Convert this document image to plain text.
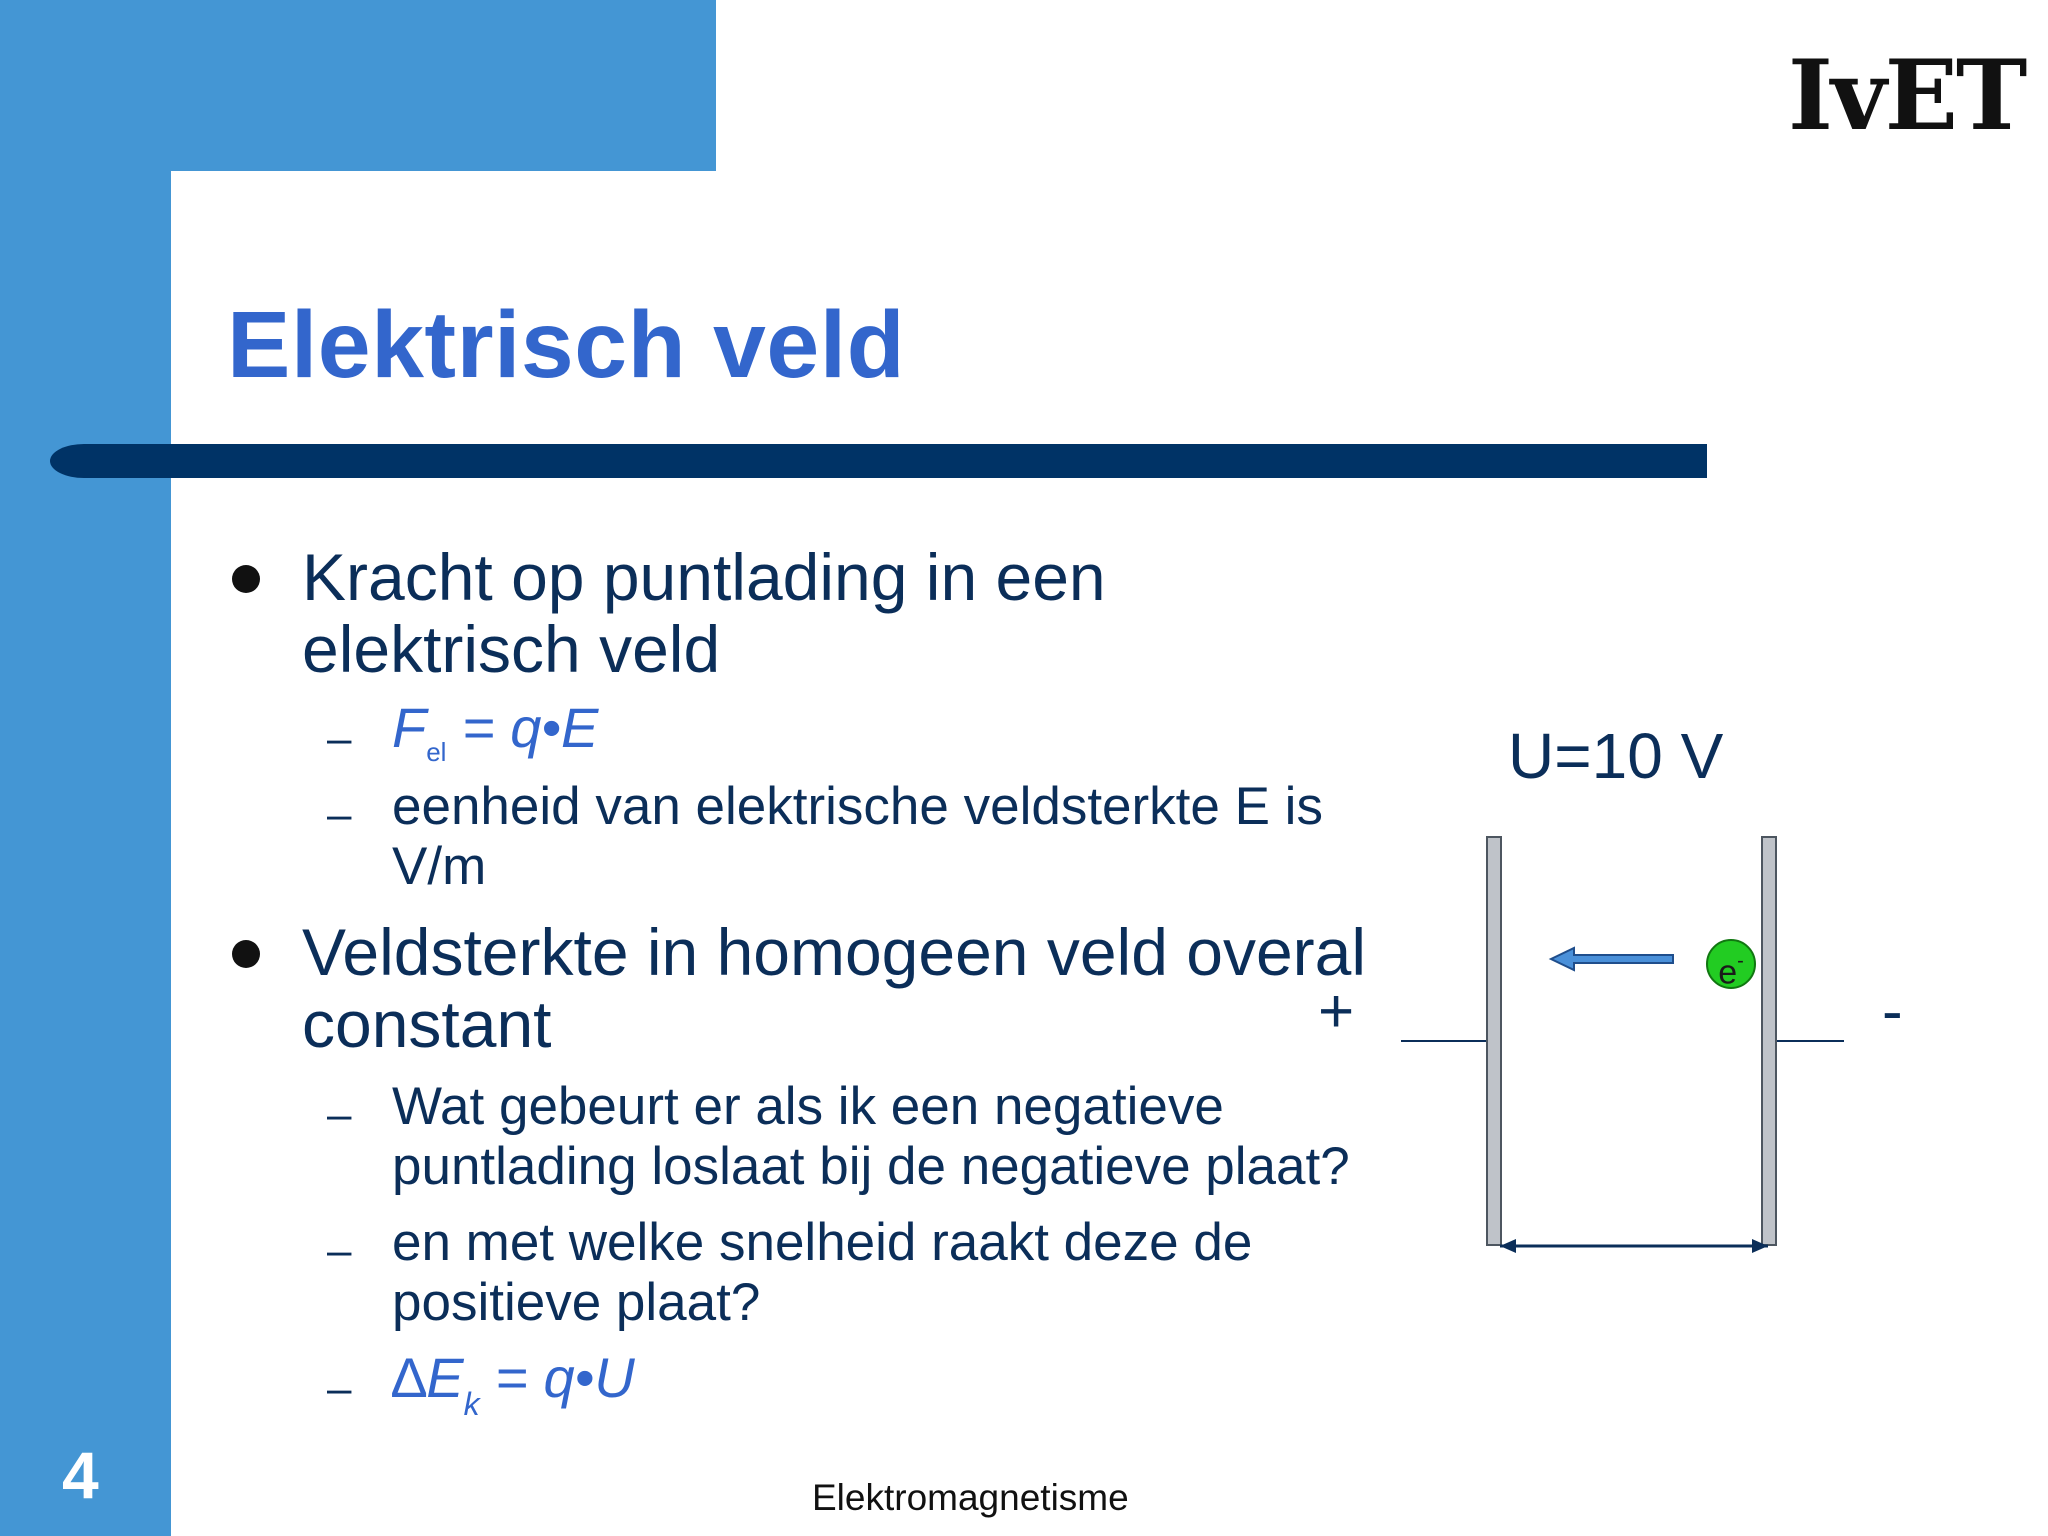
IvET
Elektrisch veld
Kracht op puntlading in een
elektrisch veld
– $F_{el}$ = q•E
– eenheid van elektrische veldsterkte E is
V/m
Veldsterkte in homogeen veld overal
constant
– Wat gebeurt er als ik een negatieve
puntlading loslaat bij de negatieve plaat?
– en met welke snelheid raakt deze de
positieve plaat?
– $\Delta E_k$ = q•U
U=10 V
+	-
e-
4	Elektromagnetisme
